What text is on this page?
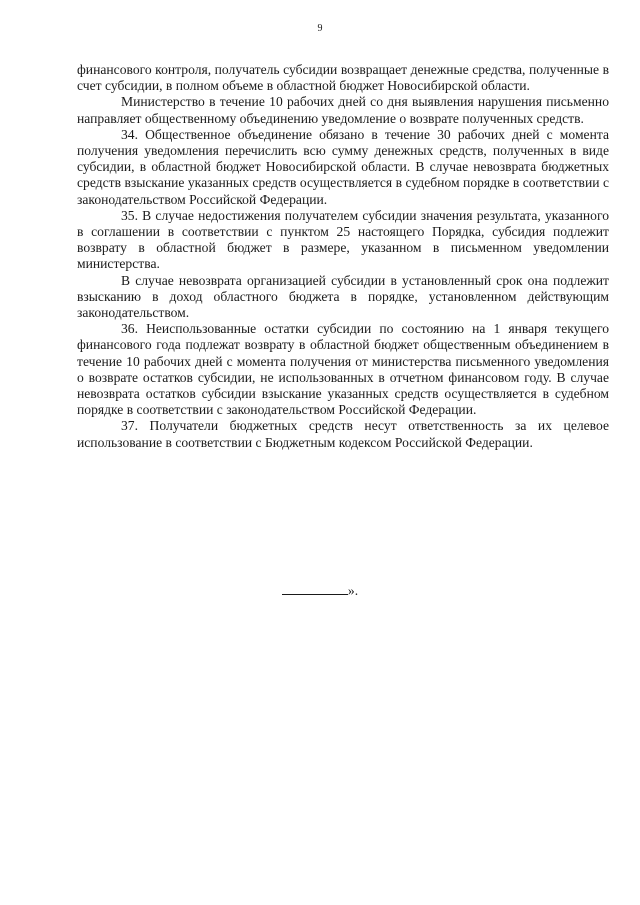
9

финансового контроля, получатель субсидии возвращает денежные средства, полученные в счет субсидии, в полном объеме в областной бюджет Новосибирской области.

Министерство в течение 10 рабочих дней со дня выявления нарушения письменно направляет общественному объединению уведомление о возврате полученных средств.

34. Общественное объединение обязано в течение 30 рабочих дней с момента получения уведомления перечислить всю сумму денежных средств, полученных в виде субсидии, в областной бюджет Новосибирской области. В случае невозврата бюджетных средств взыскание указанных средств осуществляется в судебном порядке в соответствии с законодательством Российской Федерации.

35. В случае недостижения получателем субсидии значения результата, указанного в соглашении в соответствии с пунктом 25 настоящего Порядка, субсидия подлежит возврату в областной бюджет в размере, указанном в письменном уведомлении министерства.

В случае невозврата организацией субсидии в установленный срок она подлежит взысканию в доход областного бюджета в порядке, установленном действующим законодательством.

36. Неиспользованные остатки субсидии по состоянию на 1 января текущего финансового года подлежат возврату в областной бюджет общественным объединением в течение 10 рабочих дней с момента получения от министерства письменного уведомления о возврате остатков субсидии, не использованных в отчетном финансовом году. В случае невозврата остатков субсидии взыскание указанных средств осуществляется в судебном порядке в соответствии с законодательством Российской Федерации.

37. Получатели бюджетных средств несут ответственность за их целевое использование в соответствии с Бюджетным кодексом Российской Федерации.

».
